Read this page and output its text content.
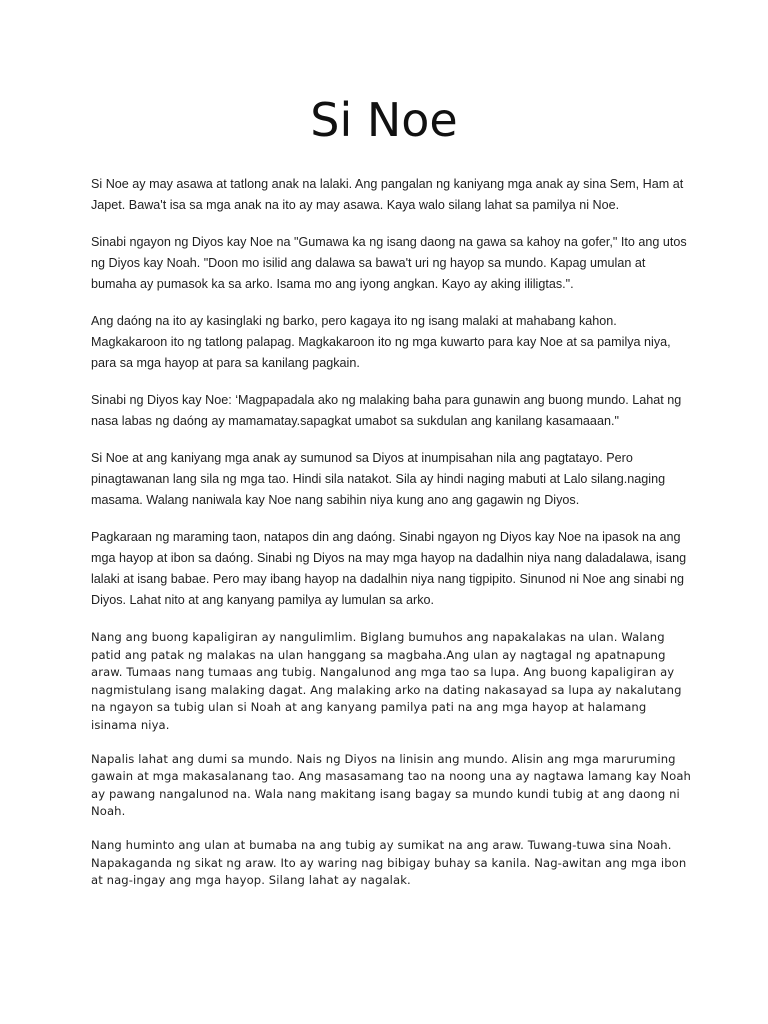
Si Noe

Si Noe ay may asawa at tatlong anak na lalaki. Ang pangalan ng kaniyang mga anak ay sina Sem, Ham at Japet. Bawa't isa sa mga anak na ito ay may asawa. Kaya walo silang lahat sa pamilya ni Noe.

Sinabi ngayon ng Diyos kay Noe na "Gumawa ka ng isang daong na gawa sa kahoy na gofer," Ito ang utos ng Diyos kay Noah. "Doon mo isilid ang dalawa sa bawa't uri ng hayop sa mundo. Kapag umulan at bumaha ay pumasok ka sa arko. Isama mo ang iyong angkan. Kayo ay aking ililigtas.".

Ang daóng na ito ay kasinglaki ng barko, pero kagaya ito ng isang malaki at mahabang kahon. Magkakaroon ito ng tatlong palapag. Magkakaroon ito ng mga kuwarto para kay Noe at sa pamilya niya, para sa mga hayop at para sa kanilang pagkain.

Sinabi ng Diyos kay Noe: ‘Magpapadala ako ng malaking baha para gunawin ang buong mundo. Lahat ng nasa labas ng daóng ay mamamatay.sapagkat umabot sa sukdulan ang kanilang kasamaaan."

Si Noe at ang kaniyang mga anak ay sumunod sa Diyos at inumpisahan nila ang pagtatayo. Pero pinagtawanan lang sila ng mga tao. Hindi sila natakot. Sila ay hindi naging mabuti at Lalo silang.naging masama. Walang naniwala kay Noe nang sabihin niya kung ano ang gagawin ng Diyos.

Pagkaraan ng maraming taon, natapos din ang daóng. Sinabi ngayon ng Diyos kay Noe na ipasok na ang mga hayop at ibon sa daóng. Sinabi ng Diyos na may mga hayop na dadalhin niya nang daladalawa, isang lalaki at isang babae. Pero may ibang hayop na dadalhin niya nang tigpipito. Sinunod ni Noe ang sinabi ng Diyos. Lahat nito at ang kanyang pamilya ay lumulan sa arko.

Nang ang buong kapaligiran ay nangulimlim. Biglang bumuhos ang napakalakas na ulan. Walang patid ang patak ng malakas na ulan hanggang sa magbaha.Ang ulan ay nagtagal ng apatnapung araw. Tumaas nang tumaas ang tubig. Nangalunod ang mga tao sa lupa. Ang buong kapaligiran ay nagmistulang isang malaking dagat. Ang malaking arko na dating nakasayad sa lupa ay nakalutang na ngayon sa tubig ulan si Noah at ang kanyang pamilya pati na ang mga hayop at halamang isinama niya.

Napalis lahat ang dumi sa mundo. Nais ng Diyos na linisin ang mundo. Alisin ang mga maruruming gawain at mga makasalanang tao. Ang masasamang tao na noong una ay nagtawa lamang kay Noah ay pawang nangalunod na. Wala nang makitang isang bagay sa mundo kundi tubig at ang daong ni Noah.

Nang huminto ang ulan at bumaba na ang tubig ay sumikat na ang araw. Tuwang-tuwa sina Noah. Napakaganda ng sikat ng araw. Ito ay waring nag bibigay buhay sa kanila. Nag-awitan ang mga ibon at nag-ingay ang mga hayop. Silang lahat ay nagalak.
